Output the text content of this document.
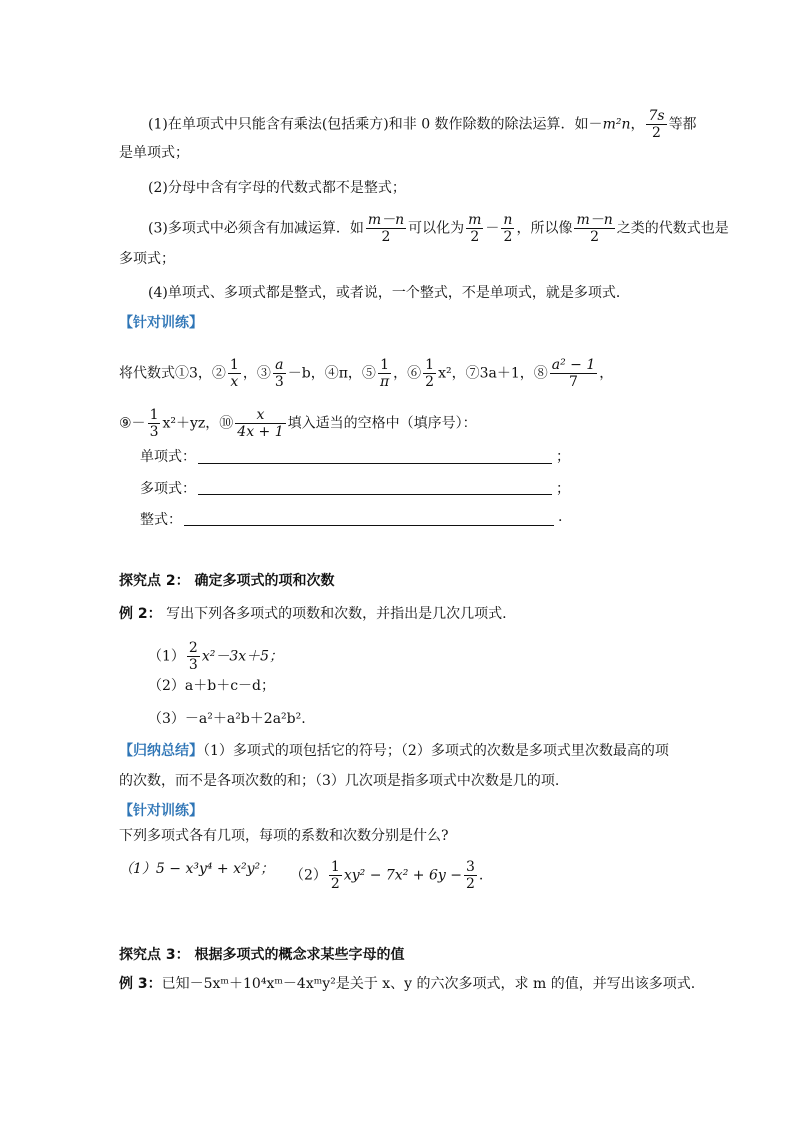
(1)在单项式中只能含有乘法(包括乘方)和非 0 数作除数的除法运算．如－m²n， $\frac{7s}{2}$ 等都
是单项式；
(2)分母中含有字母的代数式都不是整式；
(3)多项式中必须含有加减运算．如 $\frac{m-n}{2}$ 可以化为 $\frac{m}{2} - \frac{n}{2}$ ，所以像 $\frac{m-n}{2}$ 之类的代数式也是
多项式；
(4)单项式、多项式都是整式，或者说，一个整式，不是单项式，就是多项式．
【针对训练】
将代数式①3，② $\frac{1}{x}$ ，③ $\frac{a}{3} -b$，④π，⑤ $\frac{1}{\pi}$ ，⑥ $\frac{1}{2} x^2$，⑦3a＋1，⑧ $\frac{\text{a² − 1}}{7}$ ，
⑨－ $\frac{1}{3} x^2+yz$，⑩ $\frac{x}{4x + 1}$ 填入适当的空格中（填序号）：
单项式：	；
多项式：	；
整式：	.
探究点 2： 确定多项式的项和次数
例 2： 写出下列各多项式的项数和次数，并指出是几次几项式.
$(1) \frac{2}{3} x^2-3x+5$；
（2）a＋b＋c－d；
（3）－a²＋a²b＋2a²b².
【归纳总结】（1）多项式的项包括它的符号；（2）多项式的次数是多项式里次数最高的项
的次数，而不是各项次数的和；（3）几次项是指多项式中次数是几的项.
【针对训练】
下列多项式各有几项，每项的系数和次数分别是什么?
（1）5 − x³y⁴ + x²y²； $(2) \frac{1}{2} xy^2 - 7x^2 + 6y - \frac{3}{2}$ .
探究点 3： 根据多项式的概念求某些字母的值
例 3：已知－5xᵐ＋10⁴xᵐ－4xᵐy²是关于 x、y 的六次多项式，求 m 的值，并写出该多项式.
